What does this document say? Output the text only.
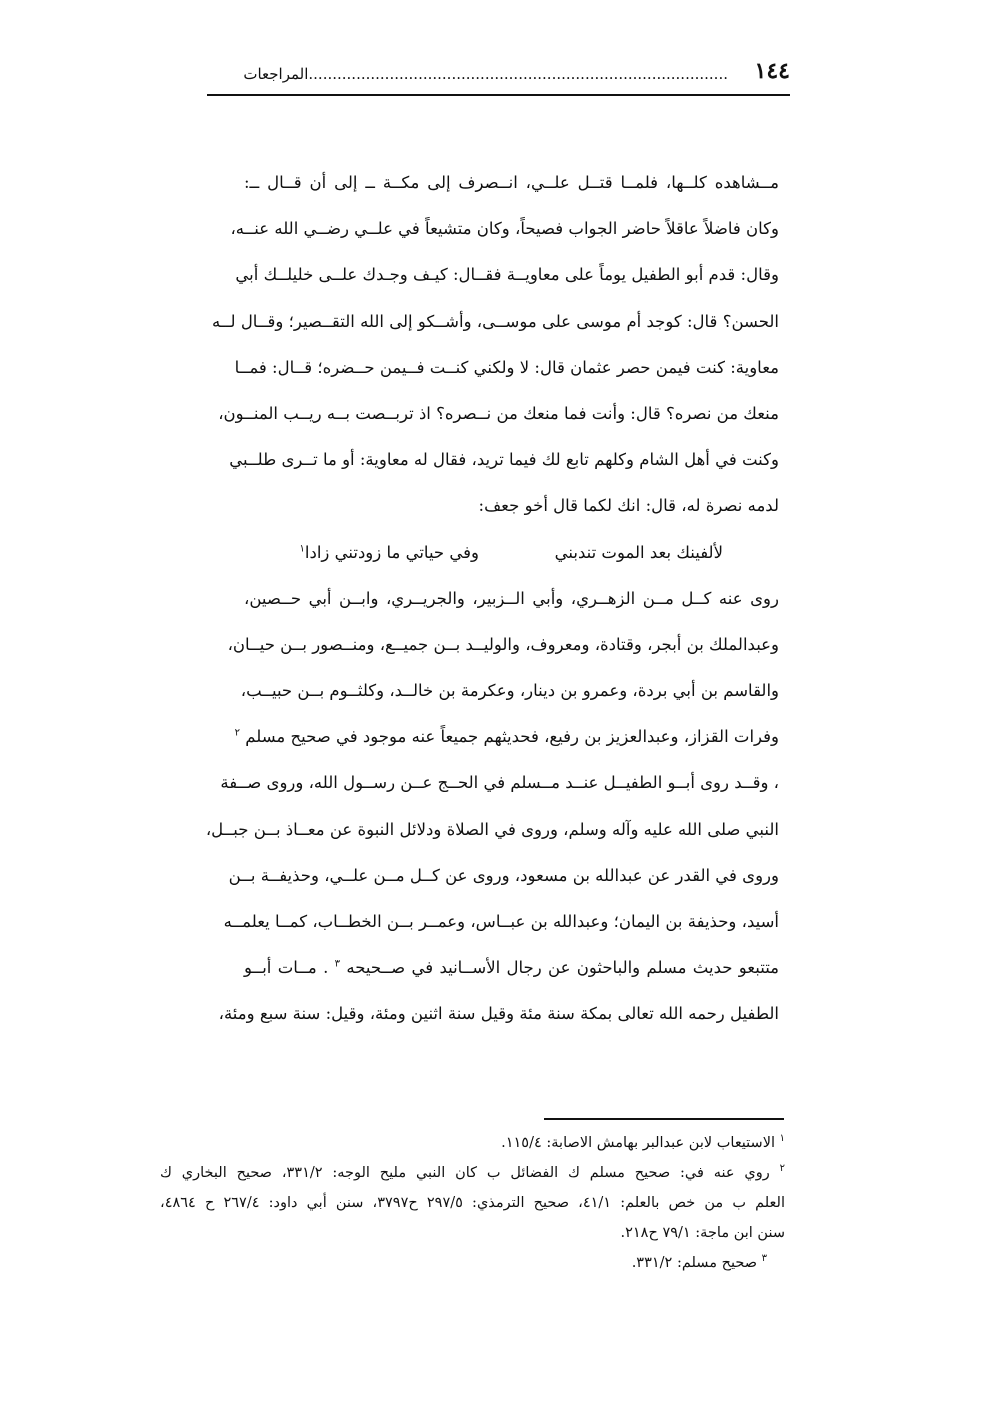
١٤٤
........................................................................................المراجعات
مــشاهده كلــها، فلمــا قتــل علــي، انــصرف إلى مكــة ــ إلى أن قــال ــ:
وكان فاضلاً عاقلاً حاضر الجواب فصيحاً، وكان متشيعاً في علــي رضــي الله عنــه،
وقال: قدم أبو الطفيل يوماً على معاويــة فقــال: كيـف وجـدك علــى خليلــك أبي
الحسن؟ قال: كوجد أم موسى على موســى، وأشــكو إلى الله التقــصير؛ وقــال لــه
معاوية: كنت فيمن حصر عثمان قال: لا ولكني كنــت فــيمن حــضره؛ قــال: فمــا
منعك من نصره؟ قال: وأنت فما منعك من نــصره؟ اذ تربــصت بــه ريــب المنــون،
وكنت في أهل الشام وكلهم تابع لك فيما تريد، فقال له معاوية: أو ما تــرى طلــبي
لدمه نصرة له، قال: انك لكما قال أخو جعف:
لألفينك بعد الموت تندبني
وفي حياتي ما زودتني زادا$^١$
روى عنه كــل مــن الزهــري، وأبي الــزبير، والجريــري، وابــن أبي حــصين،
وعبدالملك بن أبجر، وقتادة، ومعروف، والوليــد بــن جميــع، ومنــصور بــن حيــان،
والقاسم بن أبي بردة، وعمرو بن دينار، وعكرمة بن خالــد، وكلثــوم بــن حبيــب،
وفرات القزاز، وعبدالعزيز بن رفيع، فحديثهم جميعاً عنه موجود في صحيح مسلم $^٢$
، وقــد روى أبــو الطفيــل عنــد مــسلم في الحــج عــن رســول الله، وروى صــفة
النبي صلى الله عليه وآله وسلم، وروى في الصلاة ودلائل النبوة عن معــاذ بــن جبــل،
وروى في القدر عن عبدالله بن مسعود، وروى عن كــل مــن علــي، وحذيفــة بــن
أسيد، وحذيفة بن اليمان؛ وعبدالله بن عبــاس، وعمــر بــن الخطــاب، كمــا يعلمــه
متتبعو حديث مسلم والباحثون عن رجال الأســانيد في صــحيحه $^٣$ . مــات أبــو
الطفيل رحمه الله تعالى بمكة سنة مئة وقيل سنة اثنين ومئة، وقيل: سنة سبع ومئة،
$^١$ الاستيعاب لابن عبدالبر بهامش الاصابة: ١١٥/٤.
$^٢$ روي عنه في: صحيح مسلم ك الفضائل ب كان النبي مليح الوجه: ٣٣١/٢، صحيح البخاري ك
العلم ب من خص بالعلم: ٤١/١، صحيح الترمذي: ٢٩٧/٥ ح٣٧٩٧، سنن أبي داود: ٢٦٧/٤ ح ٤٨٦٤،
سنن ابن ماجة: ٧٩/١ ح٢١٨.
$^٣$ صحيح مسلم: ٣٣١/٢.
